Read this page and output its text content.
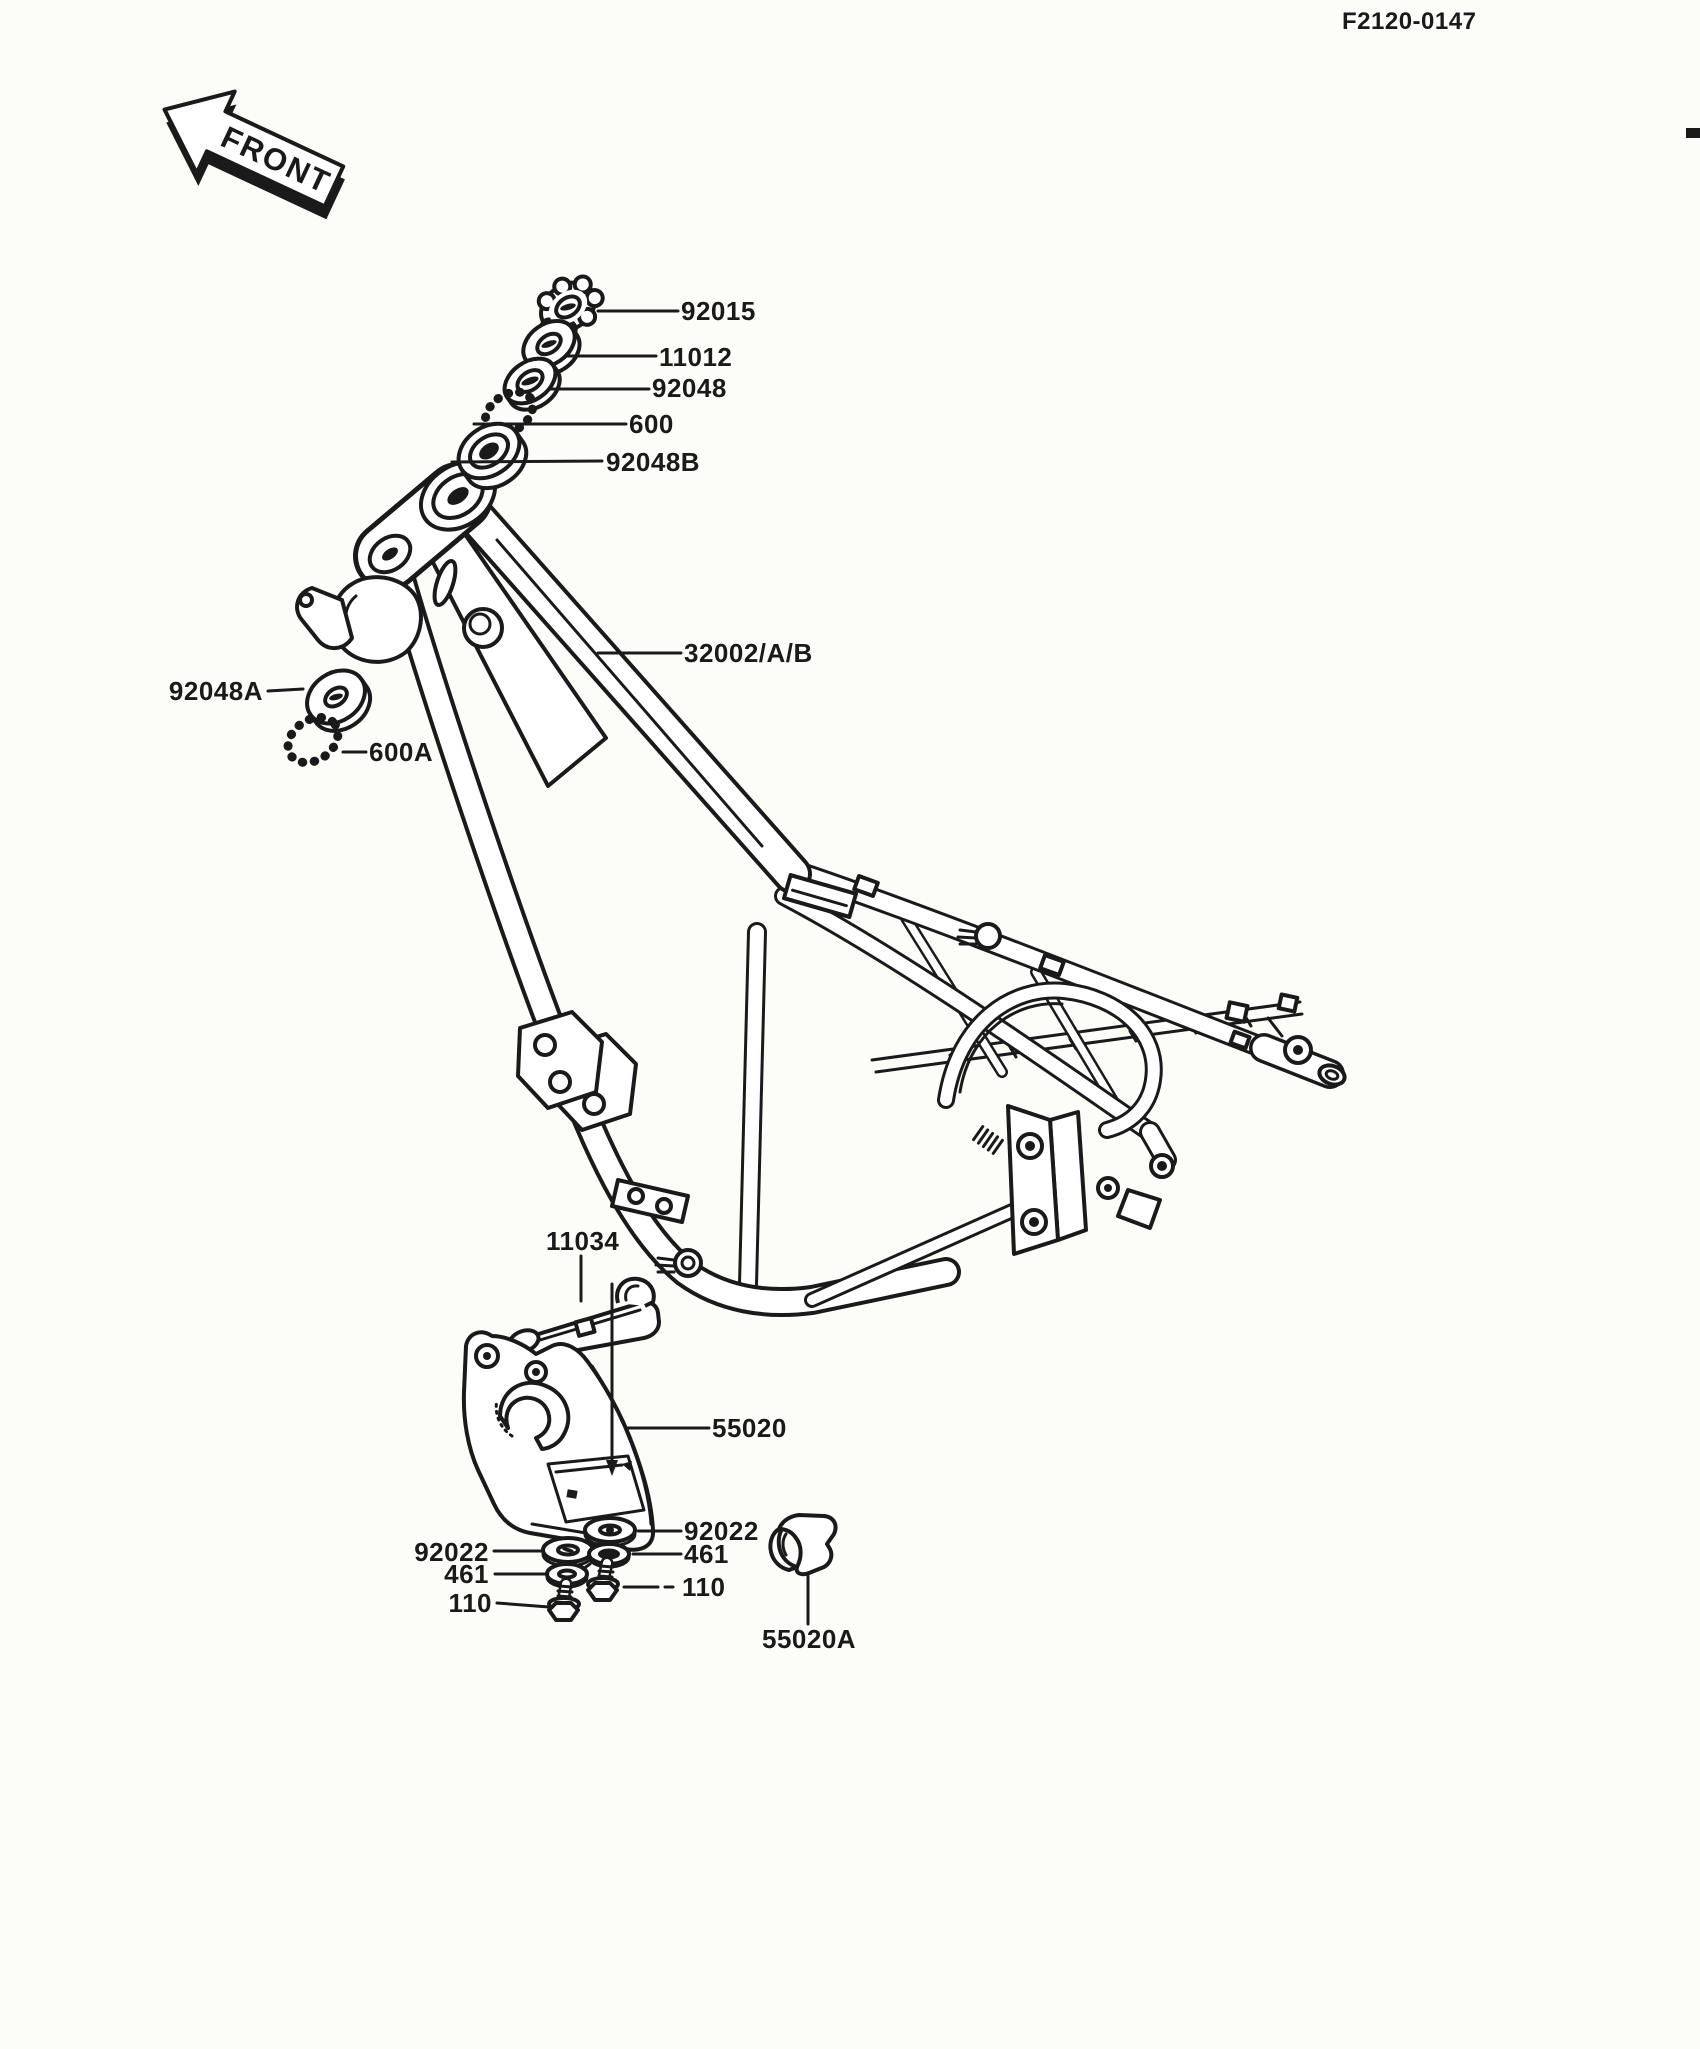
FRONT
F2120-0147
92015
11012
92048
600
92048B
32002/A/B
92048A
600A
11034
55020
92022
461
110
92022
461
110
55020A
